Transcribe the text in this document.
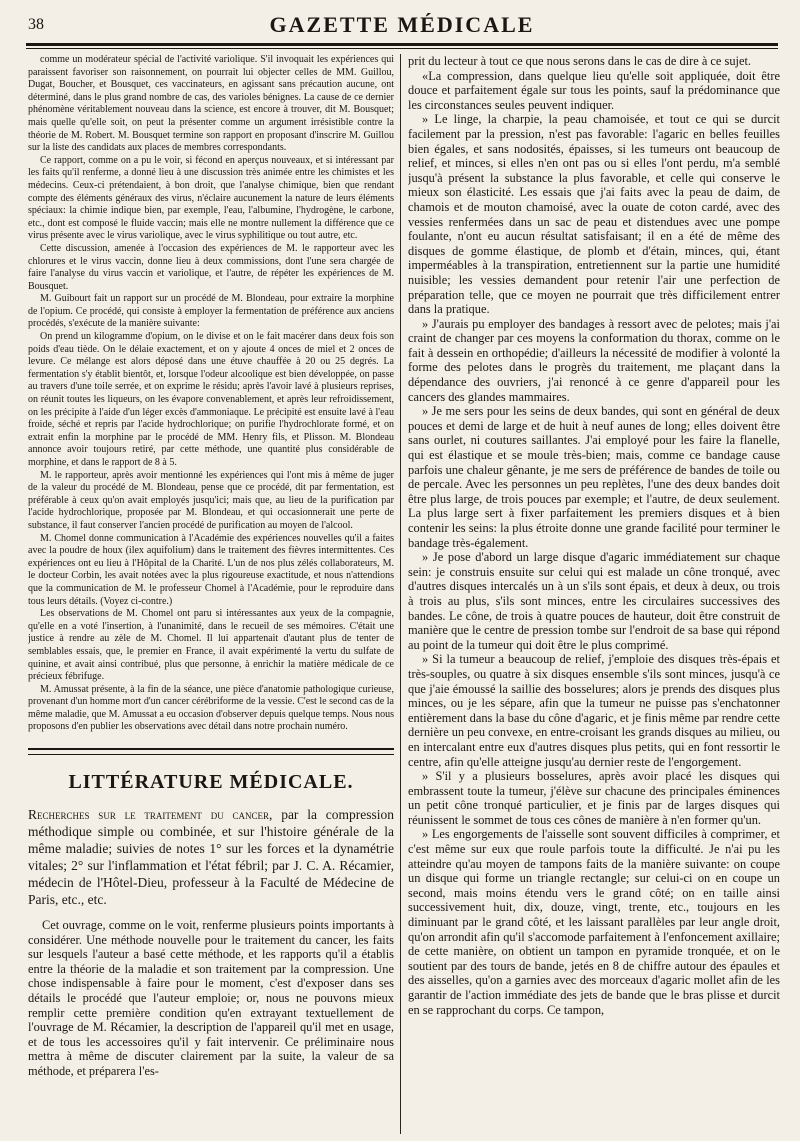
38	GAZETTE MÉDICALE

comme un modérateur spécial de l'activité variolique. S'il invoquait les expériences qui paraissent favoriser son raisonnement, on pourrait lui objecter celles de MM. Guillou, Dugat, Boucher, et Bousquet, ces vaccinateurs, en agissant sans précaution aucune, ont déterminé, dans le plus grand nombre de cas, des varioles bénignes. La cause de ce dernier phénomène véritablement nouveau dans la science, est encore à trouver, dit M. Bousquet; mais quelle qu'elle soit, on peut la présenter comme un argument irrésistible contre la théorie de M. Robert. M. Bousquet termine son rapport en proposant d'inscrire M. Guillou sur la liste des candidats aux places de membres correspondants.

Ce rapport, comme on a pu le voir, si fécond en aperçus nouveaux, et si intéressant par les faits qu'il renferme, a donné lieu à une discussion très animée entre les chimistes et les médecins. Ceux-ci prétendaient, à bon droit, que l'analyse chimique, bien que rendant compte des éléments généraux des virus, n'éclaire aucunement la nature de leurs éléments spéciaux: la chimie indique bien, par exemple, l'eau, l'albumine, l'hydrogène, le carbone, etc., dont est composé le fluide vaccin; mais elle ne montre nullement la différence que ce virus présente avec le virus variolique, avec le virus syphilitique ou tout autre, etc.

Cette discussion, amenée à l'occasion des expériences de M. le rapporteur avec les chlorures et le virus vaccin, donne lieu à deux commissions, dont l'une sera chargée de faire l'analyse du virus vaccin et variolique, et l'autre, de répéter les expériences de M. Bousquet.

M. Guibourt fait un rapport sur un procédé de M. Blondeau, pour extraire la morphine de l'opium. Ce procédé, qui consiste à employer la fermentation de préférence aux anciens procédés, s'exécute de la manière suivante:

On prend un kilogramme d'opium, on le divise et on le fait macérer dans deux fois son poids d'eau tiède. On le délaie exactement, et on y ajoute 4 onces de miel et 2 onces de levure. Ce mélange est alors déposé dans une étuve chauffée à 20 ou 25 degrés. La fermentation s'y établit bientôt, et, lorsque l'odeur alcoolique est bien développée, on passe au travers d'une toile serrée, et on exprime le résidu; après l'avoir lavé à plusieurs reprises, on réunit toutes les liqueurs, on les évapore convenablement, et après leur refroidissement, on les précipite à l'aide d'un léger excès d'ammoniaque. Le précipité est ensuite lavé à l'eau froide, séché et repris par l'acide hydrochlorique; on purifie l'hydrochlorate formé, et on extrait enfin la morphine par le procédé de MM. Henry fils, et Plisson. M. Blondeau annonce avoir toujours retiré, par cette méthode, une quantité plus considérable de morphine, et dans le rapport de 8 à 5.

M. le rapporteur, après avoir mentionné les expériences qui l'ont mis à même de juger de la valeur du procédé de M. Blondeau, pense que ce procédé, dit par fermentation, est préférable à ceux qu'on avait employés jusqu'ici; mais que, au lieu de la purification par l'acide hydrochlorique, proposée par M. Blondeau, et qui occasionnerait une perte de substance, il faut conserver l'ancien procédé de purification au moyen de l'alcool.

M. Chomel donne communication à l'Académie des expériences nouvelles qu'il a faites avec la poudre de houx (ilex aquifolium) dans le traitement des fièvres intermittentes. Ces expériences ont eu lieu à l'Hôpital de la Charité. L'un de nos plus zélés collaborateurs, M. le docteur Corbin, les avait notées avec la plus rigoureuse exactitude, et nous n'attendions que la communication de M. le professeur Chomel à l'Académie, pour le reproduire dans tous leurs détails. (Voyez ci-contre.)

Les observations de M. Chomel ont paru si intéressantes aux yeux de la compagnie, qu'elle en a voté l'insertion, à l'unanimité, dans le recueil de ses mémoires. C'était une justice à rendre au zèle de M. Chomel. Il lui appartenait d'autant plus de tenter de semblables essais, que, le premier en France, il avait expérimenté la vertu du sulfate de quinine, et avait ainsi contribué, plus que personne, à enrichir la matière médicale de ce précieux fébrifuge.

M. Amussat présente, à la fin de la séance, une pièce d'anatomie pathologique curieuse, provenant d'un homme mort d'un cancer cérébriforme de la vessie. C'est le second cas de la même maladie, que M. Amussat a eu occasion d'observer depuis quelque temps. Nous nous proposons d'en publier les observations avec détail dans notre prochain numéro.

LITTÉRATURE MÉDICALE.
Recherches sur le traitement du cancer, par la compression méthodique simple ou combinée, et sur l'histoire générale de la même maladie; suivies de notes 1° sur les forces et la dynamétrie vitales; 2° sur l'inflammation et l'état fébril; par J. C. A. Récamier, médecin de l'Hôtel-Dieu, professeur à la Faculté de Médecine de Paris, etc., etc.

Cet ouvrage, comme on le voit, renferme plusieurs points importants à considérer. Une méthode nouvelle pour le traitement du cancer, les faits sur lesquels l'auteur a basé cette méthode, et les rapports qu'il a établis entre la théorie de la maladie et son traitement par la compression. Une chose indispensable à faire pour le moment, c'est d'exposer dans ses détails le procédé que l'auteur emploie; or, nous ne pouvons mieux remplir cette première condition qu'en extrayant textuellement de l'ouvrage de M. Récamier, la description de l'appareil qu'il met en usage, et de tous les accessoires qu'il y fait intervenir. Ce préliminaire nous mettra à même de discuter clairement par la suite, la valeur de sa méthode, et préparera l'es-

prit du lecteur à tout ce que nous serons dans le cas de dire à ce sujet.

«La compression, dans quelque lieu qu'elle soit appliquée, doit être douce et parfaitement égale sur tous les points, sauf la prédominance que les circonstances seules peuvent indiquer.

» Le linge, la charpie, la peau chamoisée, et tout ce qui se durcit facilement par la pression, n'est pas favorable: l'agaric en belles feuilles bien égales, et sans nodosités, épaisses, si les tumeurs ont beaucoup de relief, et minces, si elles n'en ont pas ou si elles l'ont perdu, m'a semblé jusqu'à présent la substance la plus favorable, et celle qui conserve le mieux son élasticité. Les essais que j'ai faits avec la peau de daim, de chamois et de mouton chamoisé, avec la ouate de coton cardé, avec des vessies renfermées dans un sac de peau et distendues avec une pompe foulante, n'ont eu aucun résultat satisfaisant; il en a été de même des disques de gomme élastique, de plomb et d'étain, minces, qui, étant imperméables à la transpiration, entretiennent sur la partie une humidité nuisible; les vessies demandent pour retenir l'air une perfection de préparation telle, que ce moyen ne pourrait que très difficilement entrer dans la pratique.

» J'aurais pu employer des bandages à ressort avec de pelotes; mais j'ai craint de changer par ces moyens la conformation du thorax, comme on le fait à dessein en orthopédie; d'ailleurs la nécessité de modifier à volonté la forme des pelotes dans le progrès du traitement, me plaçant dans la dépendance des ouvriers, j'ai renoncé à ce genre d'appareil pour les cancers des glandes mammaires.

» Je me sers pour les seins de deux bandes, qui sont en général de deux pouces et demi de large et de huit à neuf aunes de long; elles doivent être sans ourlet, ni coutures saillantes. J'ai employé pour les faire la flanelle, qui est élastique et se moule très-bien; mais, comme ce bandage cause parfois une chaleur gênante, je me sers de préférence de bandes de toile ou de percale. Avec les personnes un peu replètes, l'une des deux bandes doit être plus large, de trois pouces par exemple; et l'autre, de deux seulement. La plus large sert à fixer parfaitement les premiers disques et à bien contenir les seins: la plus étroite donne une grande facilité pour terminer le bandage très-également.

» Je pose d'abord un large disque d'agaric immédiatement sur chaque sein: je construis ensuite sur celui qui est malade un cône tronqué, avec d'autres disques intercalés un à un s'ils sont épais, et deux à deux, ou trois à trois au plus, s'ils sont minces, entre les circulaires successives des bandes. Le cône, de trois à quatre pouces de hauteur, doit être construit de manière que le centre de pression tombe sur l'endroit de sa base qui répond au point de la tumeur qui doit être le plus comprimé.

» Si la tumeur a beaucoup de relief, j'emploie des disques très-épais et très-souples, ou quatre à six disques ensemble s'ils sont minces, jusqu'à ce que j'aie émoussé la saillie des bosselures; alors je prends des disques plus minces, ou je les sépare, afin que la tumeur ne puisse pas s'enchatonner entièrement dans la base du cône d'agaric, et je finis même par rendre cette dernière un peu convexe, en entre-croisant les grands disques au milieu, ou en intercalant entre eux d'autres disques plus petits, qui en font ressortir le centre, afin qu'elle atteigne jusqu'au dernier reste de l'engorgement.

» S'il y a plusieurs bosselures, après avoir placé les disques qui embrassent toute la tumeur, j'élève sur chacune des principales éminences un petit cône tronqué particulier, et je finis par de larges disques qui réunissent le sommet de tous ces cônes de manière à n'en former qu'un.

» Les engorgements de l'aisselle sont souvent difficiles à comprimer, et c'est même sur eux que roule parfois toute la difficulté. Je n'ai pu les atteindre qu'au moyen de tampons faits de la manière suivante: on coupe un disque qui forme un triangle rectangle; sur celui-ci on en coupe un second, mais moins étendu vers le grand côté; on en taille ainsi successivement huit, dix, douze, vingt, trente, etc., toujours en les diminuant par le grand côté, et les laissant parallèles par leur angle droit, qu'on arrondit afin qu'il s'accomode parfaitement à l'enfoncement axillaire; de cette manière, on obtient un tampon en pyramide tronquée, et on le soutient par des tours de bande, jetés en 8 de chiffre autour des épaules et des aisselles, qu'on a garnies avec des morceaux d'agaric mollet afin de les garantir de l'action immédiate des jets de bande que le bras plisse et durcit en se rapprochant du corps. Ce tampon,
